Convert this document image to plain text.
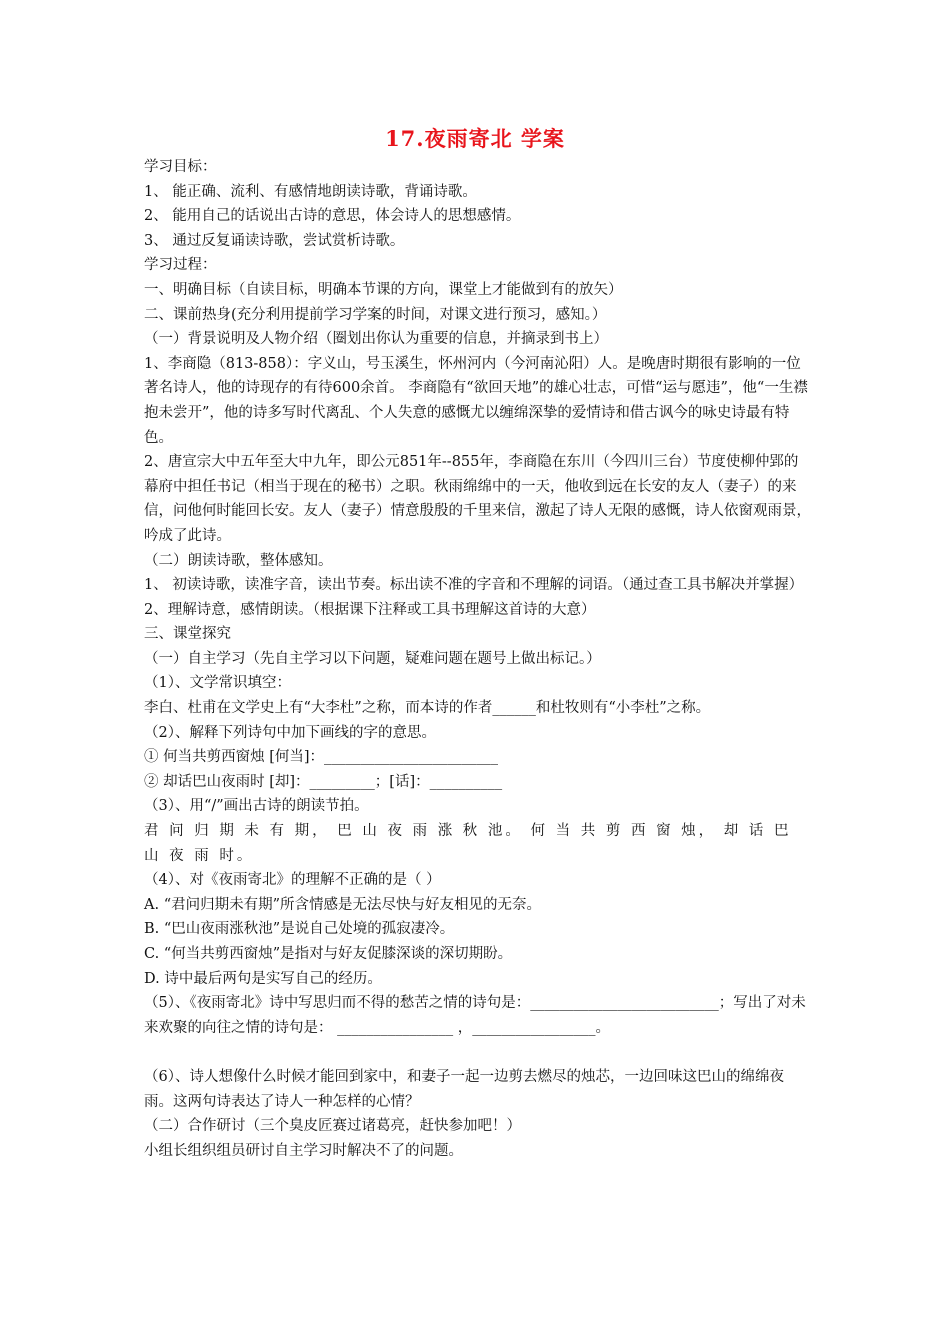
17.夜雨寄北 学案

学习目标：

1、 能正确、流利、有感情地朗读诗歌，背诵诗歌。

2、 能用自己的话说出古诗的意思，体会诗人的思想感情。

3、 通过反复诵读诗歌，尝试赏析诗歌。

学习过程：

一、明确目标（自读目标，明确本节课的方向，课堂上才能做到有的放矢）

二、课前热身(充分利用提前学习学案的时间，对课文进行预习，感知。）

（一）背景说明及人物介绍（圈划出你认为重要的信息，并摘录到书上）

1、李商隐（813-858）：字义山，号玉溪生，怀州河内（今河南沁阳）人。是晚唐时期很有影响的一位著名诗人，他的诗现存的有待600余首。 李商隐有“欲回天地”的雄心壮志，可惜“运与愿违”，他“一生襟抱未尝开”，他的诗多写时代离乱、个人失意的感慨尤以缠绵深挚的爱情诗和借古讽今的咏史诗最有特色。

2、唐宣宗大中五年至大中九年，即公元851年--855年，李商隐在东川（今四川三台）节度使柳仲郢的幕府中担任书记（相当于现在的秘书）之职。秋雨绵绵中的一天，他收到远在长安的友人（妻子）的来信，问他何时能回长安。友人（妻子）情意殷殷的千里来信，激起了诗人无限的感慨，诗人依窗观雨景，吟成了此诗。

（二）朗读诗歌，整体感知。

1、 初读诗歌，读准字音，读出节奏。标出读不准的字音和不理解的词语。（通过查工具书解决并掌握）

2、理解诗意，感情朗读。（根据课下注释或工具书理解这首诗的大意）

三、课堂探究

（一）自主学习（先自主学习以下问题，疑难问题在题号上做出标记。）

（1）、文学常识填空：

李白、杜甫在文学史上有“大李杜”之称，而本诗的作者______和杜牧则有“小李杜”之称。

（2）、解释下列诗句中加下画线的字的意思。

① 何当共剪西窗烛 [何当]：________________________

② 却话巴山夜雨时 [却]：_________；[话]：__________

（3）、用“/”画出古诗的朗读节拍。

君 问 归 期 未 有 期， 巴 山 夜 雨 涨 秋 池。 何 当 共 剪 西 窗 烛， 却 话 巴 山 夜 雨 时。

（4）、对《夜雨寄北》的理解不正确的是（ ）

A. “君问归期未有期”所含情感是无法尽快与好友相见的无奈。

B. “巴山夜雨涨秋池”是说自己处境的孤寂凄冷。

C. “何当共剪西窗烛”是指对与好友促膝深谈的深切期盼。

D. 诗中最后两句是实写自己的经历。

（5）、《夜雨寄北》诗中写思归而不得的愁苦之情的诗句是：__________________________；写出了对未来欢聚的向往之情的诗句是： ________________ ，_________________。

（6）、诗人想像什么时候才能回到家中，和妻子一起一边剪去燃尽的烛芯，一边回味这巴山的绵绵夜雨。这两句诗表达了诗人一种怎样的心情？

（二）合作研讨（三个臭皮匠赛过诸葛亮，赶快参加吧！）

小组长组织组员研讨自主学习时解决不了的问题。
